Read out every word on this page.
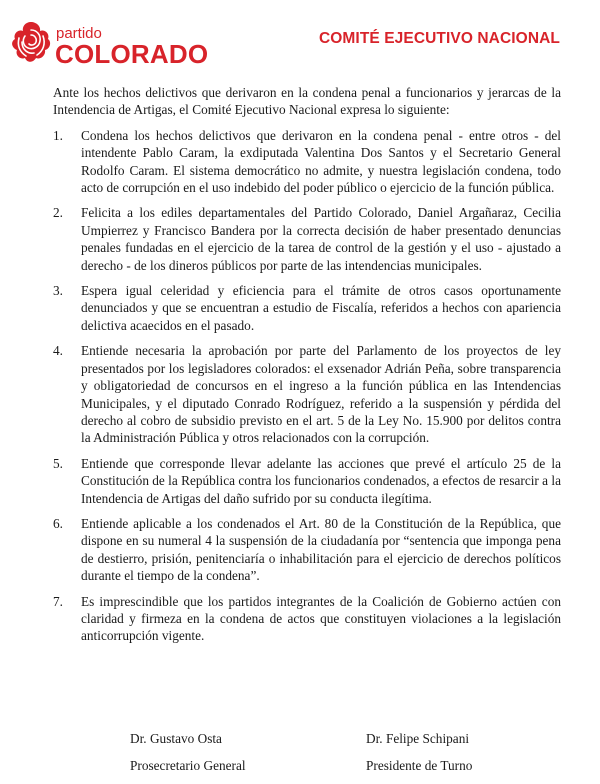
partido
COLORADO
COMITÉ EJECUTIVO NACIONAL

Ante los hechos delictivos que derivaron en la condena penal a funcionarios y jerarcas de la Intendencia de Artigas, el Comité Ejecutivo Nacional expresa lo siguiente:

1. Condena los hechos delictivos que derivaron en la condena penal - entre otros - del intendente Pablo Caram, la exdiputada Valentina Dos Santos y el Secretario General Rodolfo Caram. El sistema democrático no admite, y nuestra legislación condena, todo acto de corrupción en el uso indebido del poder público o ejercicio de la función pública.
2. Felicita a los ediles departamentales del Partido Colorado, Daniel Argañaraz, Cecilia Umpierrez y Francisco Bandera por la correcta decisión de haber presentado denuncias penales fundadas en el ejercicio de la tarea de control de la gestión y el uso - ajustado a derecho - de los dineros públicos por parte de las intendencias municipales.
3. Espera igual celeridad y eficiencia para el trámite de otros casos oportunamente denunciados y que se encuentran a estudio de Fiscalía, referidos a hechos con apariencia delictiva acaecidos en el pasado.
4. Entiende necesaria la aprobación por parte del Parlamento de los proyectos de ley presentados por los legisladores colorados: el exsenador Adrián Peña, sobre transparencia y obligatoriedad de concursos en el ingreso a la función pública en las Intendencias Municipales, y el diputado Conrado Rodríguez, referido a la suspensión y pérdida del derecho al cobro de subsidio previsto en el art. 5 de la Ley No. 15.900 por delitos contra la Administración Pública y otros relacionados con la corrupción.
5. Entiende que corresponde llevar adelante las acciones que prevé el artículo 25 de la Constitución de la República contra los funcionarios condenados, a efectos de resarcir a la Intendencia de Artigas del daño sufrido por su conducta ilegítima.
6. Entiende aplicable a los condenados el Art. 80 de la Constitución de la República, que dispone en su numeral 4 la suspensión de la ciudadanía por “sentencia que imponga pena de destierro, prisión, penitenciaría o inhabilitación para el ejercicio de derechos políticos durante el tiempo de la condena”.
7. Es imprescindible que los partidos integrantes de la Coalición de Gobierno actúen con claridad y firmeza en la condena de actos que constituyen violaciones a la legislación anticorrupción vigente.
Dr. Gustavo Osta
Prosecretario General
Dr. Felipe Schipani
Presidente de Turno
